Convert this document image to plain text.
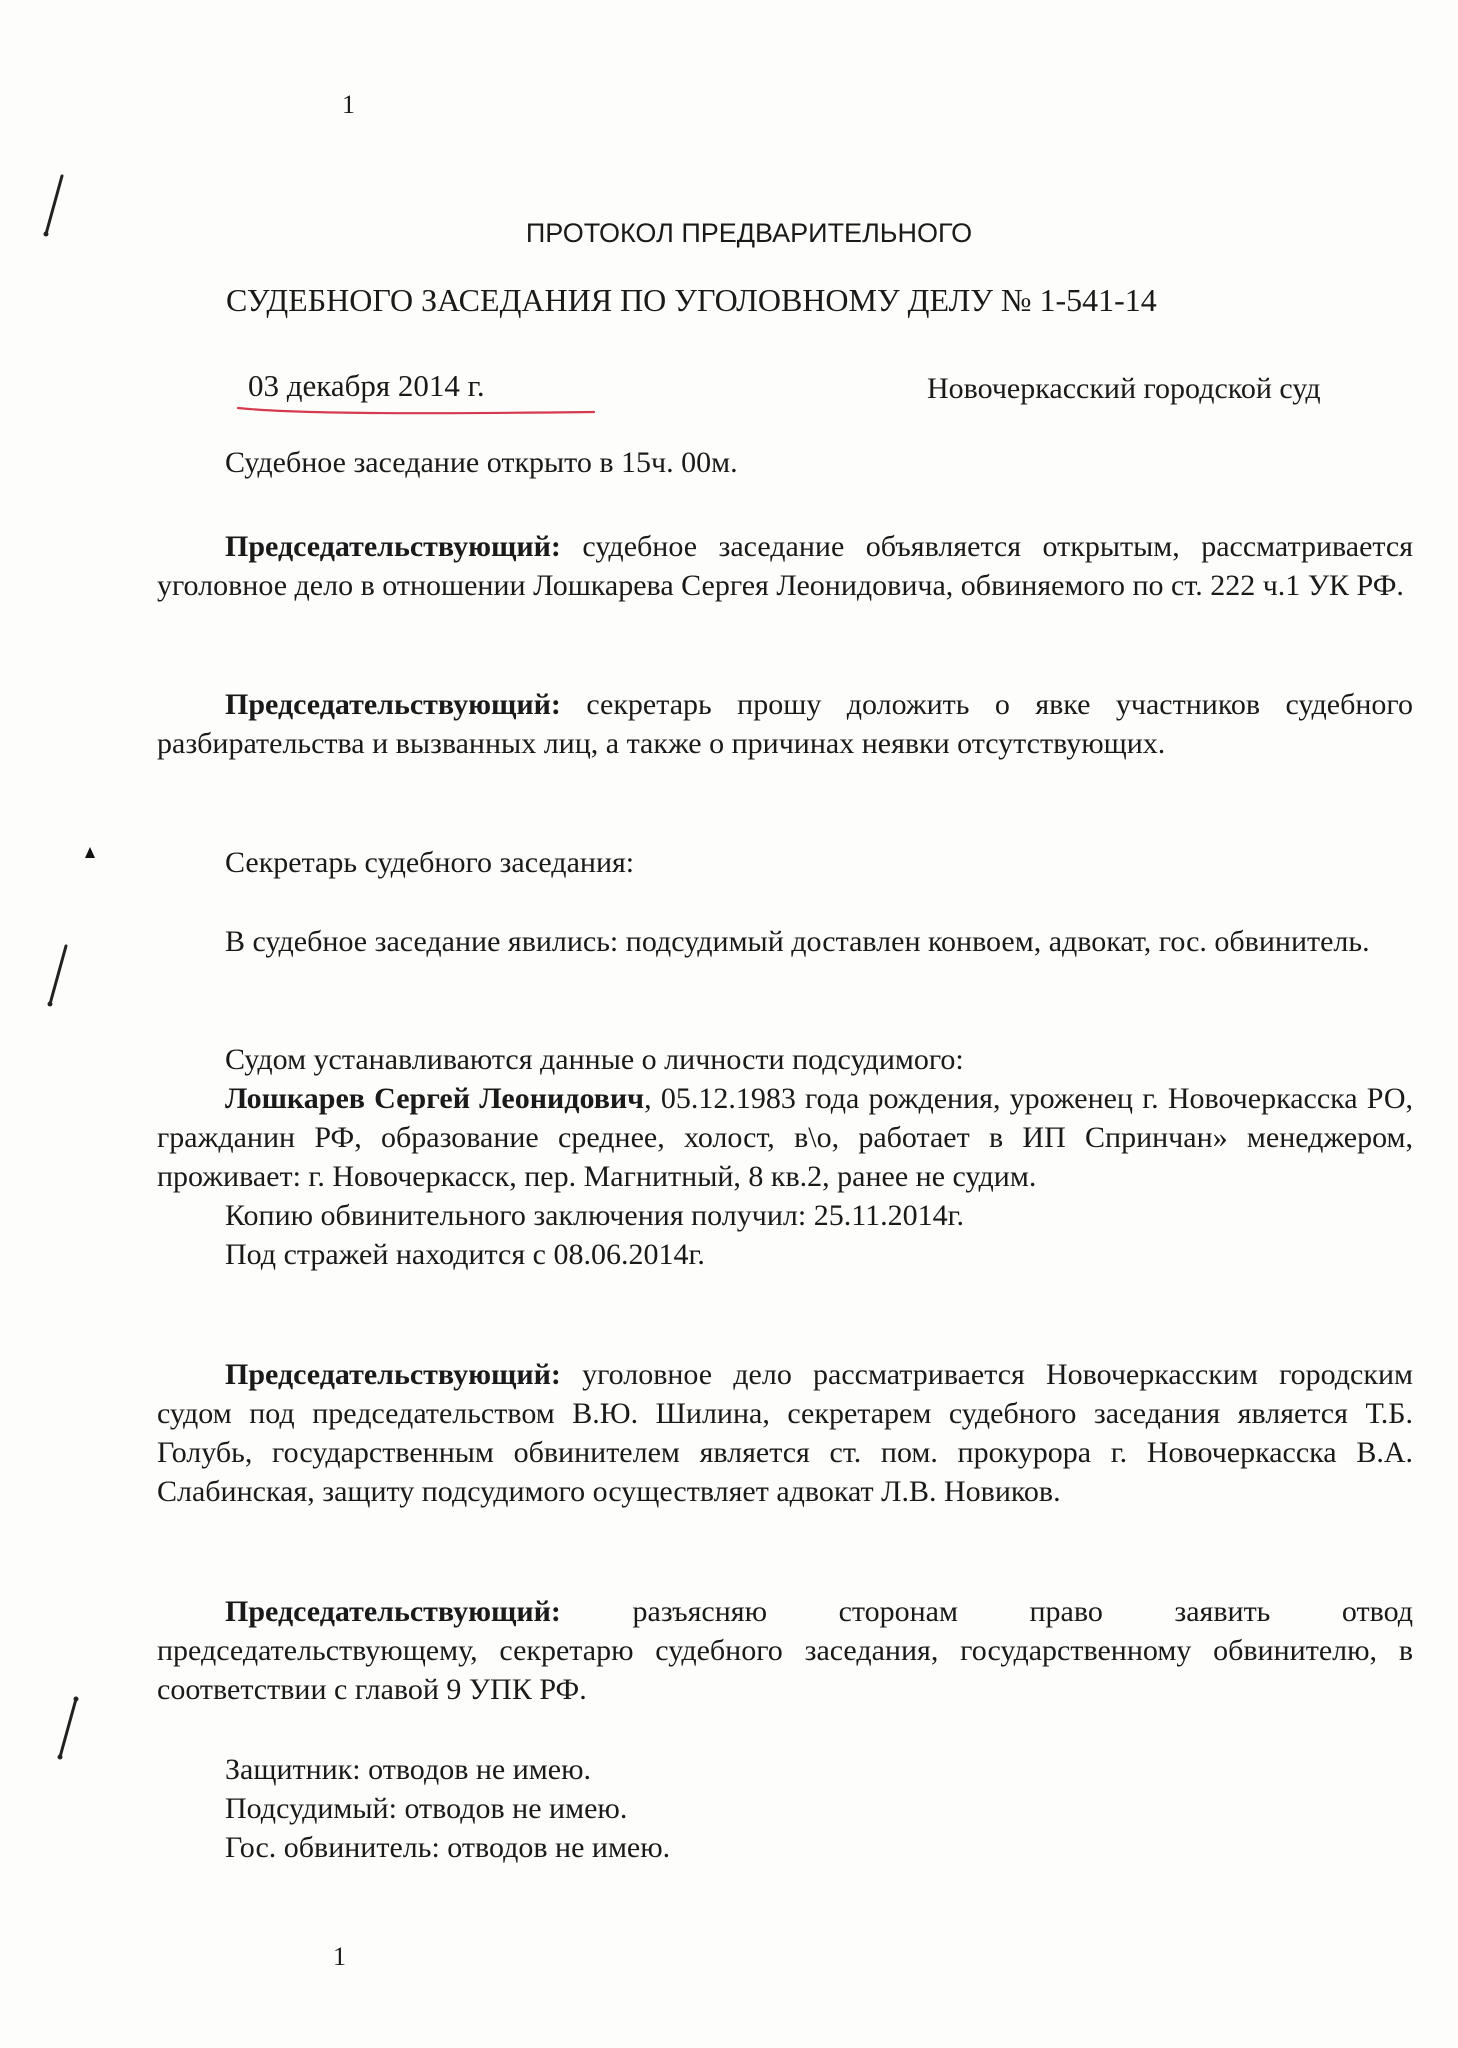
1
ПРОТОКОЛ ПРЕДВАРИТЕЛЬНОГО
СУДЕБНОГО ЗАСЕДАНИЯ ПО УГОЛОВНОМУ ДЕЛУ № 1-541-14
03 декабря 2014 г.	Новочеркасский городской суд

Судебное заседание открыто в 15ч. 00м.

Председательствующий: судебное заседание объявляется открытым, рассматривается уголовное дело в отношении Лошкарева Сергея Леонидовича, обвиняемого по ст. 222 ч.1 УК РФ.

Председательствующий: секретарь прошу доложить о явке участников судебного разбирательства и вызванных лиц, а также о причинах неявки отсутствующих.

Секретарь судебного заседания:

В судебное заседание явились: подсудимый доставлен конвоем, адвокат, гос. обвинитель.

Судом устанавливаются данные о личности подсудимого:

Лошкарев Сергей Леонидович, 05.12.1983 года рождения, уроженец г. Новочеркасска РО, гражданин РФ, образование среднее, холост, в\о, работает в ИП Спринчан» менеджером, проживает: г. Новочеркасск, пер. Магнитный, 8 кв.2, ранее не судим.

Копию обвинительного заключения получил: 25.11.2014г.

Под стражей находится с 08.06.2014г.

Председательствующий: уголовное дело рассматривается Новочеркасским городским судом под председательством В.Ю. Шилина, секретарем судебного заседания является Т.Б. Голубь, государственным обвинителем является ст. пом. прокурора г. Новочеркасска В.А. Слабинская, защиту подсудимого осуществляет адвокат Л.В. Новиков.

Председательствующий: разъясняю сторонам право заявить отвод председательствующему, секретарю судебного заседания, государственному обвинителю, в соответствии с главой 9 УПК РФ.

Защитник: отводов не имею.

Подсудимый: отводов не имею.

Гос. обвинитель: отводов не имею.

1
